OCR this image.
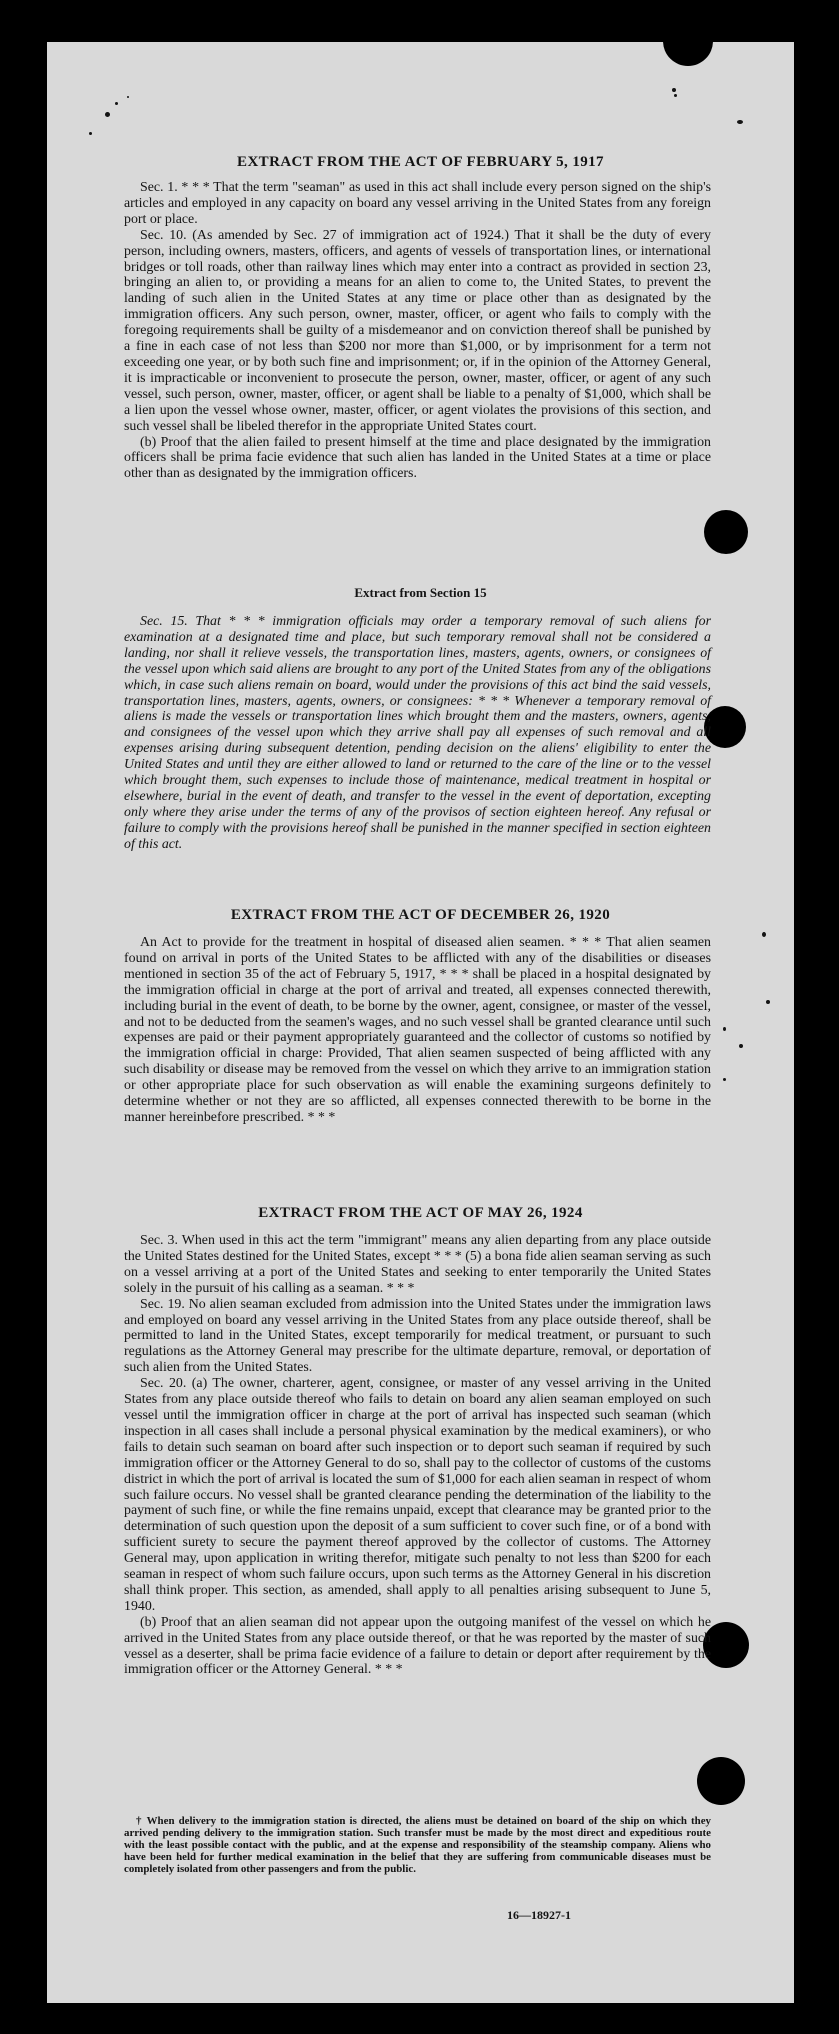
EXTRACT FROM THE ACT OF FEBRUARY 5, 1917

Sec. 1. * * * That the term "seaman" as used in this act shall include every person signed on the ship's articles and employed in any capacity on board any vessel arriving in the United States from any foreign port or place.

Sec. 10. (As amended by Sec. 27 of immigration act of 1924.) That it shall be the duty of every person, including owners, masters, officers, and agents of vessels of transportation lines, or international bridges or toll roads, other than railway lines which may enter into a contract as provided in section 23, bringing an alien to, or providing a means for an alien to come to, the United States, to prevent the landing of such alien in the United States at any time or place other than as designated by the immigration officers. Any such person, owner, master, officer, or agent who fails to comply with the foregoing requirements shall be guilty of a misdemeanor and on conviction thereof shall be punished by a fine in each case of not less than $200 nor more than $1,000, or by imprisonment for a term not exceeding one year, or by both such fine and imprisonment; or, if in the opinion of the Attorney General, it is impracticable or inconvenient to prosecute the person, owner, master, officer, or agent of any such vessel, such person, owner, master, officer, or agent shall be liable to a penalty of $1,000, which shall be a lien upon the vessel whose owner, master, officer, or agent violates the provisions of this section, and such vessel shall be libeled therefor in the appropriate United States court.

(b) Proof that the alien failed to present himself at the time and place designated by the immigration officers shall be prima facie evidence that such alien has landed in the United States at a time or place other than as designated by the immigration officers.

Extract from Section 15

Sec. 15. That * * * immigration officials may order a temporary removal of such aliens for examination at a designated time and place, but such temporary removal shall not be considered a landing, nor shall it relieve vessels, the transportation lines, masters, agents, owners, or consignees of the vessel upon which said aliens are brought to any port of the United States from any of the obligations which, in case such aliens remain on board, would under the provisions of this act bind the said vessels, transportation lines, masters, agents, owners, or consignees: * * * Whenever a temporary removal of aliens is made the vessels or transportation lines which brought them and the masters, owners, agents, and consignees of the vessel upon which they arrive shall pay all expenses of such removal and all expenses arising during subsequent detention, pending decision on the aliens' eligibility to enter the United States and until they are either allowed to land or returned to the care of the line or to the vessel which brought them, such expenses to include those of maintenance, medical treatment in hospital or elsewhere, burial in the event of death, and transfer to the vessel in the event of deportation, excepting only where they arise under the terms of any of the provisos of section eighteen hereof. Any refusal or failure to comply with the provisions hereof shall be punished in the manner specified in section eighteen of this act.

EXTRACT FROM THE ACT OF DECEMBER 26, 1920

An Act to provide for the treatment in hospital of diseased alien seamen. * * * That alien seamen found on arrival in ports of the United States to be afflicted with any of the disabilities or diseases mentioned in section 35 of the act of February 5, 1917, * * * shall be placed in a hospital designated by the immigration official in charge at the port of arrival and treated, all expenses connected therewith, including burial in the event of death, to be borne by the owner, agent, consignee, or master of the vessel, and not to be deducted from the seamen's wages, and no such vessel shall be granted clearance until such expenses are paid or their payment appropriately guaranteed and the collector of customs so notified by the immigration official in charge: Provided, That alien seamen suspected of being afflicted with any such disability or disease may be removed from the vessel on which they arrive to an immigration station or other appropriate place for such observation as will enable the examining surgeons definitely to determine whether or not they are so afflicted, all expenses connected therewith to be borne in the manner hereinbefore prescribed. * * *

EXTRACT FROM THE ACT OF MAY 26, 1924

Sec. 3. When used in this act the term "immigrant" means any alien departing from any place outside the United States destined for the United States, except * * * (5) a bona fide alien seaman serving as such on a vessel arriving at a port of the United States and seeking to enter temporarily the United States solely in the pursuit of his calling as a seaman. * * *

Sec. 19. No alien seaman excluded from admission into the United States under the immigration laws and employed on board any vessel arriving in the United States from any place outside thereof, shall be permitted to land in the United States, except temporarily for medical treatment, or pursuant to such regulations as the Attorney General may prescribe for the ultimate departure, removal, or deportation of such alien from the United States.

Sec. 20. (a) The owner, charterer, agent, consignee, or master of any vessel arriving in the United States from any place outside thereof who fails to detain on board any alien seaman employed on such vessel until the immigration officer in charge at the port of arrival has inspected such seaman (which inspection in all cases shall include a personal physical examination by the medical examiners), or who fails to detain such seaman on board after such inspection or to deport such seaman if required by such immigration officer or the Attorney General to do so, shall pay to the collector of customs of the customs district in which the port of arrival is located the sum of $1,000 for each alien seaman in respect of whom such failure occurs. No vessel shall be granted clearance pending the determination of the liability to the payment of such fine, or while the fine remains unpaid, except that clearance may be granted prior to the determination of such question upon the deposit of a sum sufficient to cover such fine, or of a bond with sufficient surety to secure the payment thereof approved by the collector of customs. The Attorney General may, upon application in writing therefor, mitigate such penalty to not less than $200 for each seaman in respect of whom such failure occurs, upon such terms as the Attorney General in his discretion shall think proper. This section, as amended, shall apply to all penalties arising subsequent to June 5, 1940.

(b) Proof that an alien seaman did not appear upon the outgoing manifest of the vessel on which he arrived in the United States from any place outside thereof, or that he was reported by the master of such vessel as a deserter, shall be prima facie evidence of a failure to detain or deport after requirement by the immigration officer or the Attorney General. * * *

† When delivery to the immigration station is directed, the aliens must be detained on board of the ship on which they arrived pending delivery to the immigration station. Such transfer must be made by the most direct and expeditious route with the least possible contact with the public, and at the expense and responsibility of the steamship company. Aliens who have been held for further medical examination in the belief that they are suffering from communicable diseases must be completely isolated from other passengers and from the public.

16—18927-1
